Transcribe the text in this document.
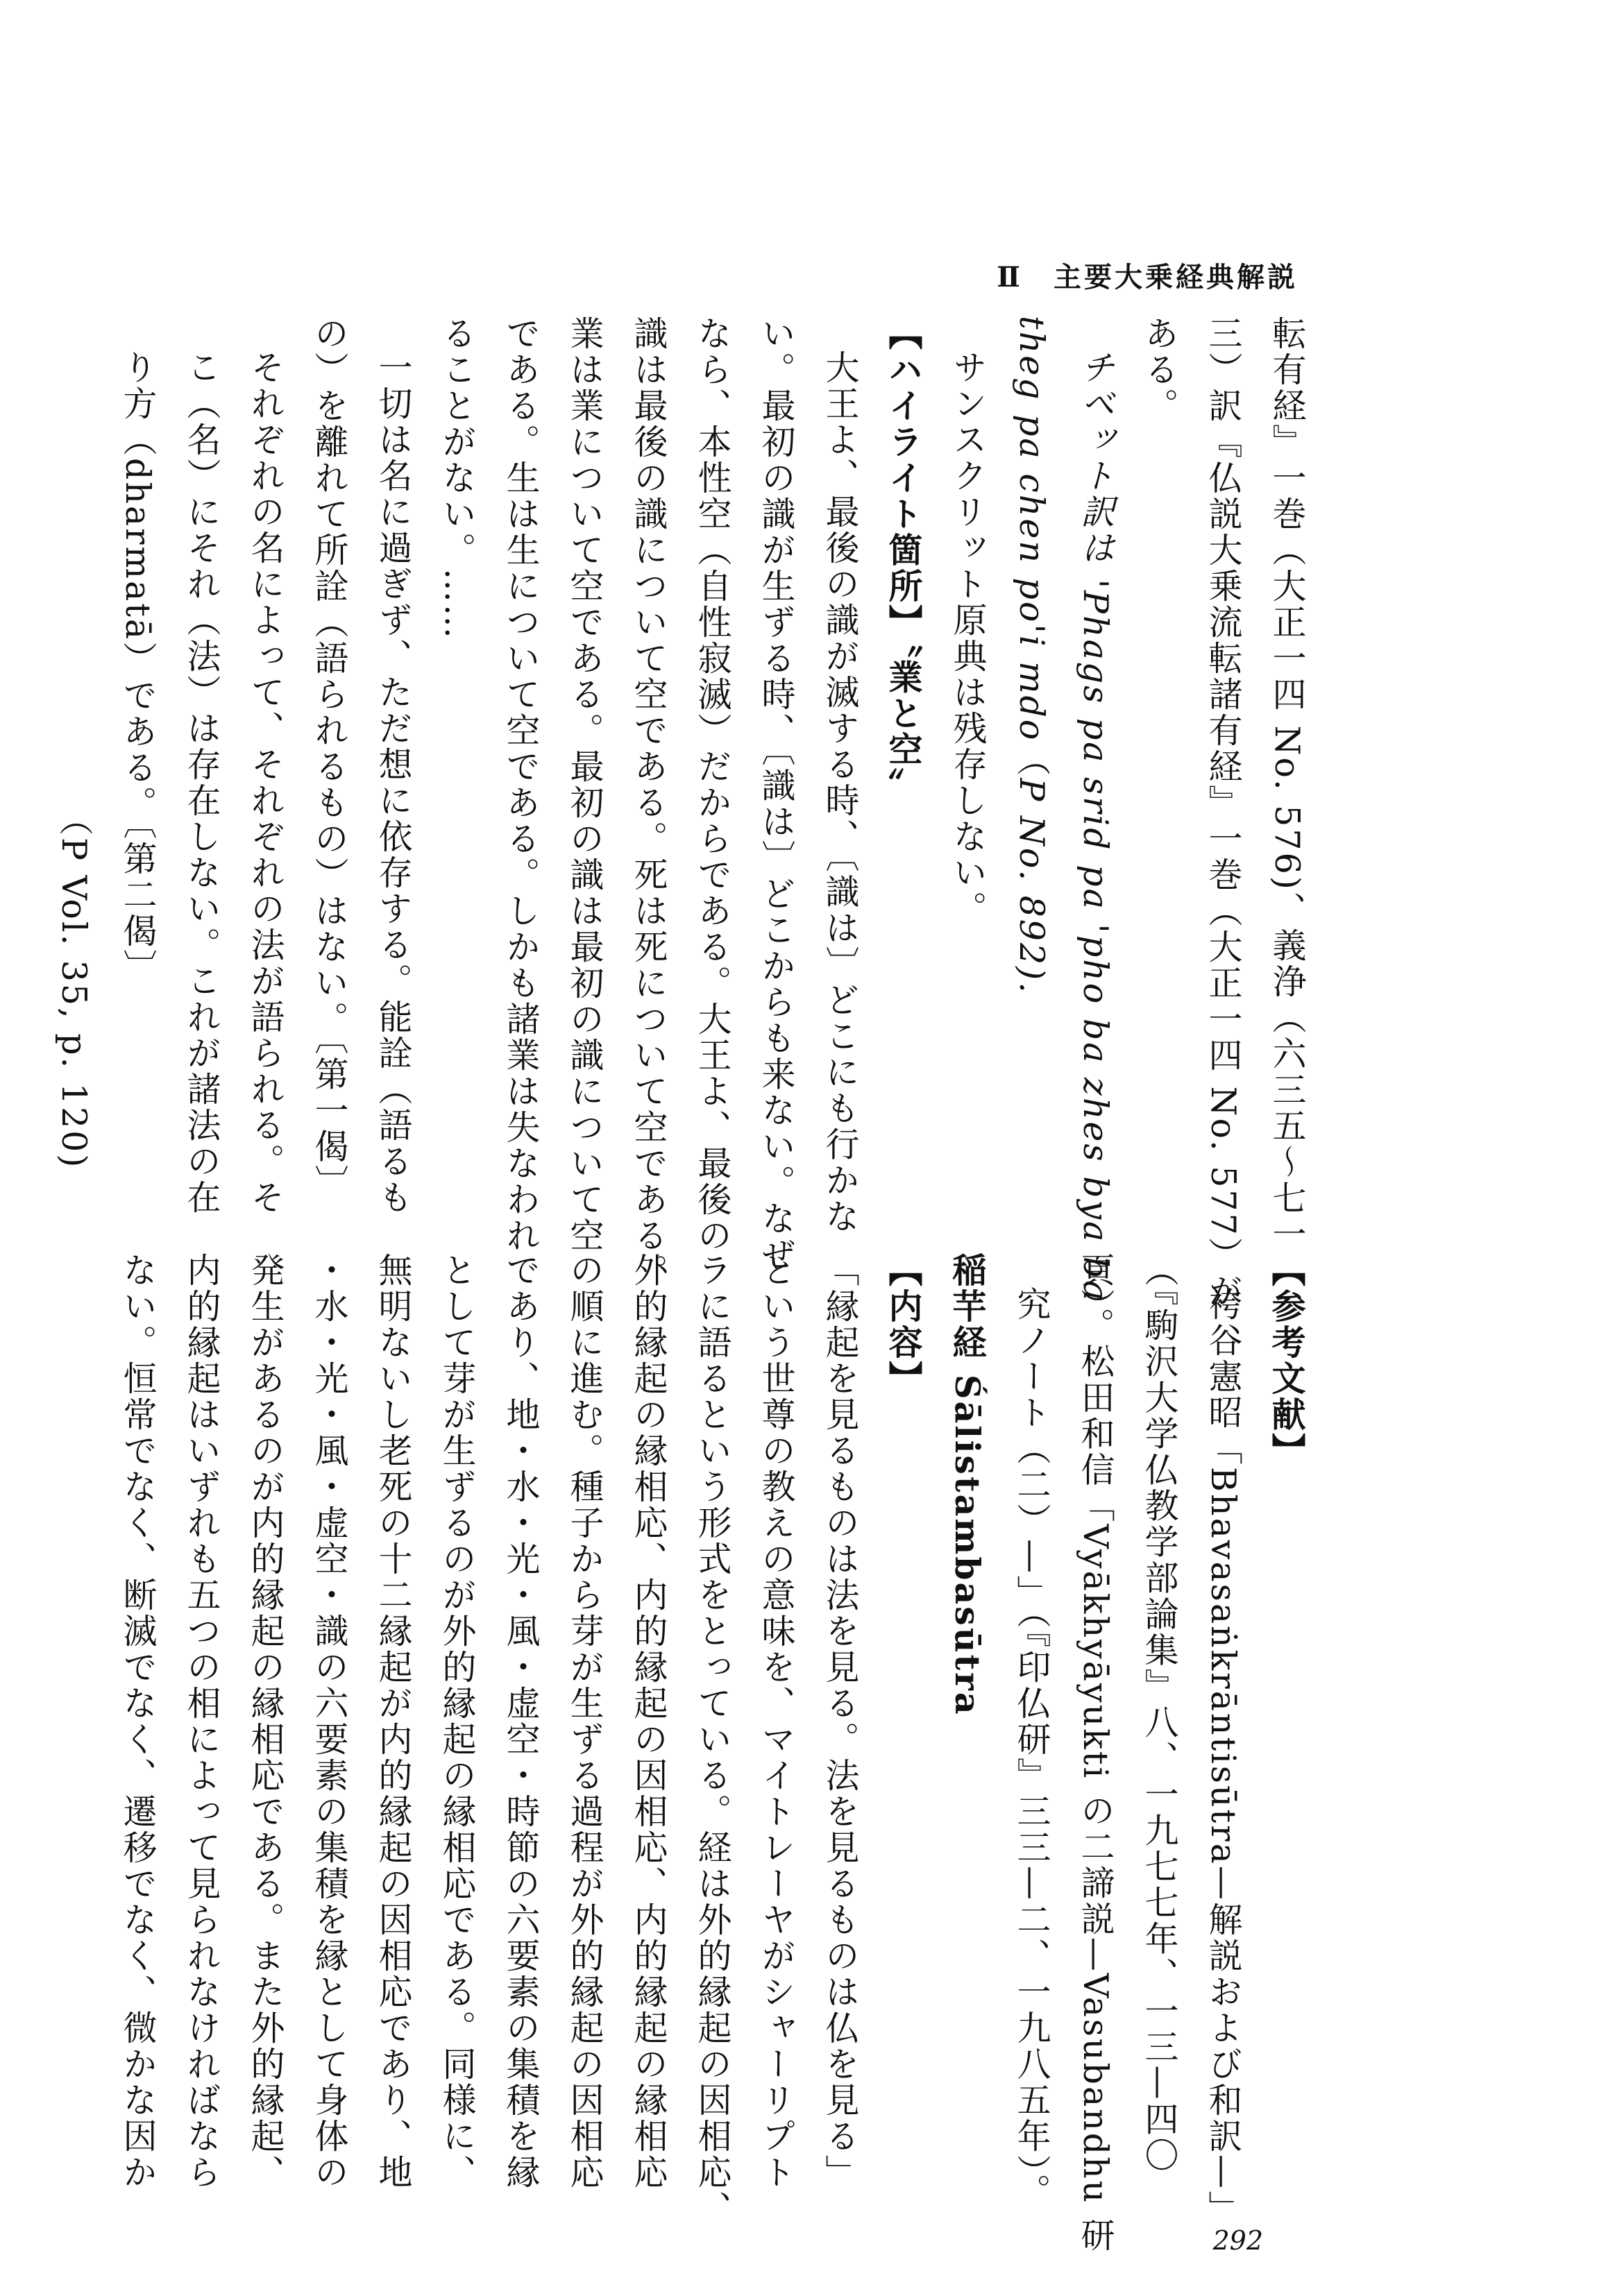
Ⅱ　主要大乗経典解説
転有経』一巻（大正一四 No. 576)、義浄（六三五～七一
三）訳『仏説大乗流転諸有経』一巻（大正一四 No. 577）が
ある。
チベット訳は 'Phags pa srid pa 'pho ba zhes bya ba
theg pa chen po'i mdo（P No. 892).
サンスクリット原典は残存しない。
【ハイライト箇所】〝業と空〟
大王よ、最後の識が滅する時、〔識は〕どこにも行かな
い。最初の識が生ずる時、〔識は〕どこからも来ない。なぜ
なら、本性空（自性寂滅）だからである。大王よ、最後の
識は最後の識について空である。死は死について空である。
業は業について空である。最初の識は最初の識について空
である。生は生について空である。しかも諸業は失なわれ
ることがない。……
一切は名に過ぎず、ただ想に依存する。能詮（語るも
の）を離れて所詮（語られるもの）はない。〔第一偈〕
それぞれの名によって、それぞれの法が語られる。そ
こ（名）にそれ（法）は存在しない。これが諸法の在
り方（dharmatā）である。〔第二偈〕
（P Vol. 35, p. 120)
【参考文献】
袴谷憲昭「Bhavasaṅkrāntisūtra—解説および和訳—」
（『駒沢大学仏教学部論集』八、一九七七年、一三—四〇
頁）。松田和信「Vyākhyāyukti の二諦説—Vasubandhu 研
究ノート（二）—」（『印仏研』三三—二、一九八五年）。
稲芉経 Śālistambasūtra
【内容】
「縁起を見るものは法を見る。法を見るものは仏を見る」
という世尊の教えの意味を、マイトレーヤがシャーリプト
ラに語るという形式をとっている。経は外的縁起の因相応、
外的縁起の縁相応、内的縁起の因相応、内的縁起の縁相応
の順に進む。種子から芽が生ずる過程が外的縁起の因相応
であり、地・水・光・風・虚空・時節の六要素の集積を縁
として芽が生ずるのが外的縁起の縁相応である。同様に、
無明ないし老死の十二縁起が内的縁起の因相応であり、地
・水・光・風・虚空・識の六要素の集積を縁として身体の
発生があるのが内的縁起の縁相応である。また外的縁起、
内的縁起はいずれも五つの相によって見られなければなら
ない。恒常でなく、断滅でなく、遷移でなく、微かな因か
292
